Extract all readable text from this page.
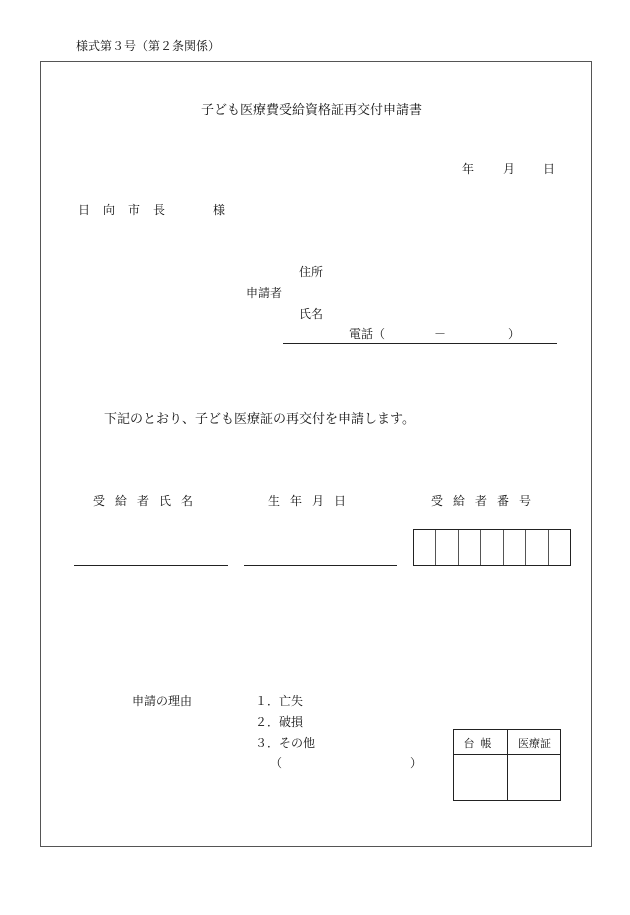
様式第３号（第２条関係）
子ども医療費受給資格証再交付申請書
年 月 日
日向市長	様
住所
申請者
氏名
電話（	－	）
下記のとおり、子ども医療証の再交付を申請します。
受給者氏名	生年月日	受給者番号
申請の理由	１．亡失
２．破損
３．その他
（	）
台帳	医療証
